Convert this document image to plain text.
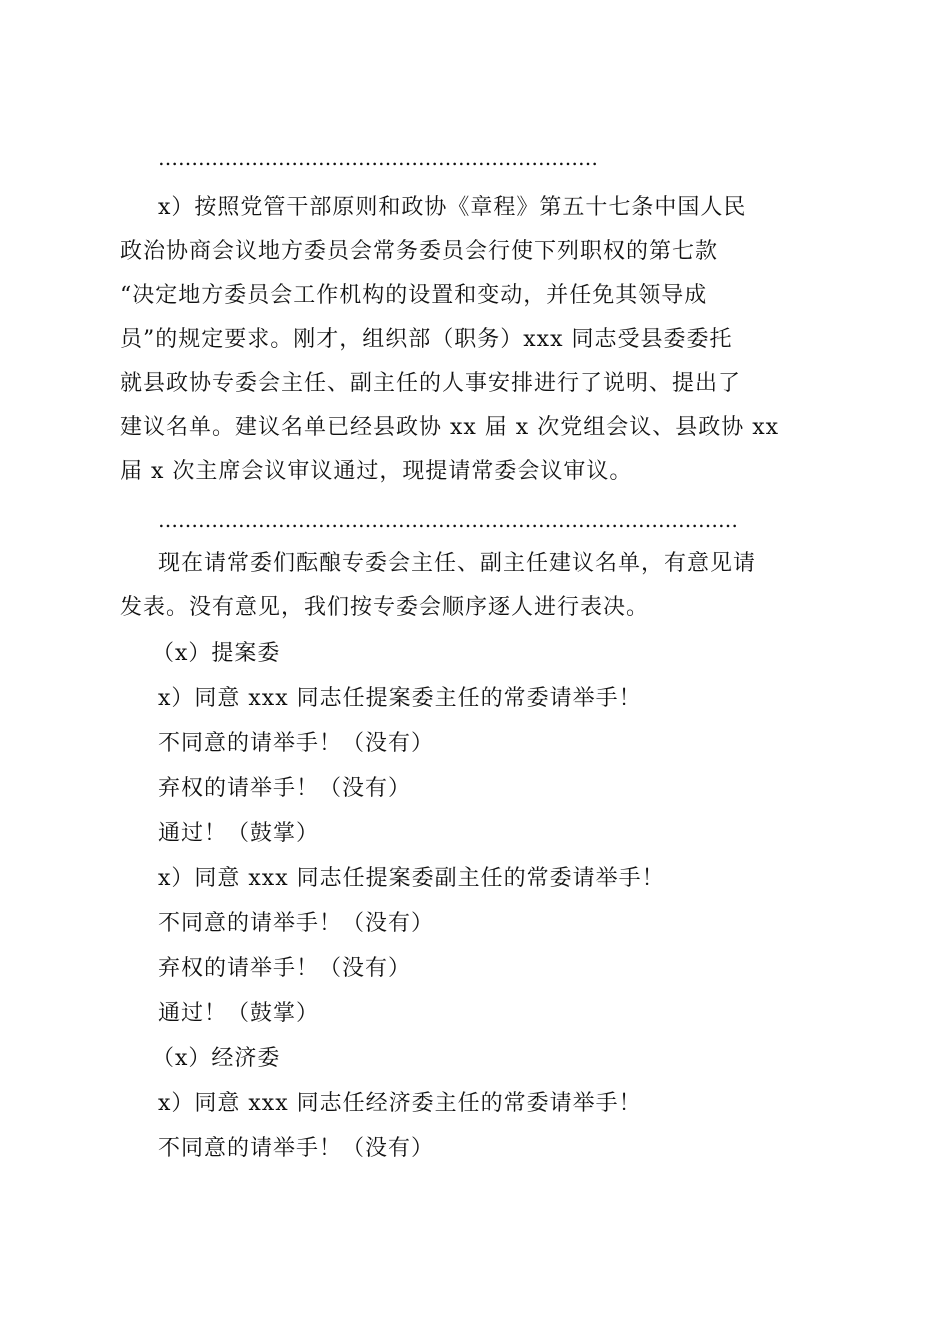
…………………………………………………………
x）按照党管干部原则和政协《章程》第五十七条中国人民
政治协商会议地方委员会常务委员会行使下列职权的第七款
“决定地方委员会工作机构的设置和变动，并任免其领导成
员”的规定要求。刚才，组织部（职务）xxx 同志受县委委托
就县政协专委会主任、副主任的人事安排进行了说明、提出了
建议名单。建议名单已经县政协 xx 届 x 次党组会议、县政协 xx
届 x 次主席会议审议通过，现提请常委会议审议。
……………………………………………………………………………
现在请常委们酝酿专委会主任、副主任建议名单，有意见请
发表。没有意见，我们按专委会顺序逐人进行表决。
（x）提案委
x）同意 xxx 同志任提案委主任的常委请举手！
不同意的请举手！（没有）
弃权的请举手！（没有）
通过！（鼓掌）
x）同意 xxx 同志任提案委副主任的常委请举手！
不同意的请举手！（没有）
弃权的请举手！（没有）
通过！（鼓掌）
（x）经济委
x）同意 xxx 同志任经济委主任的常委请举手！
不同意的请举手！（没有）
